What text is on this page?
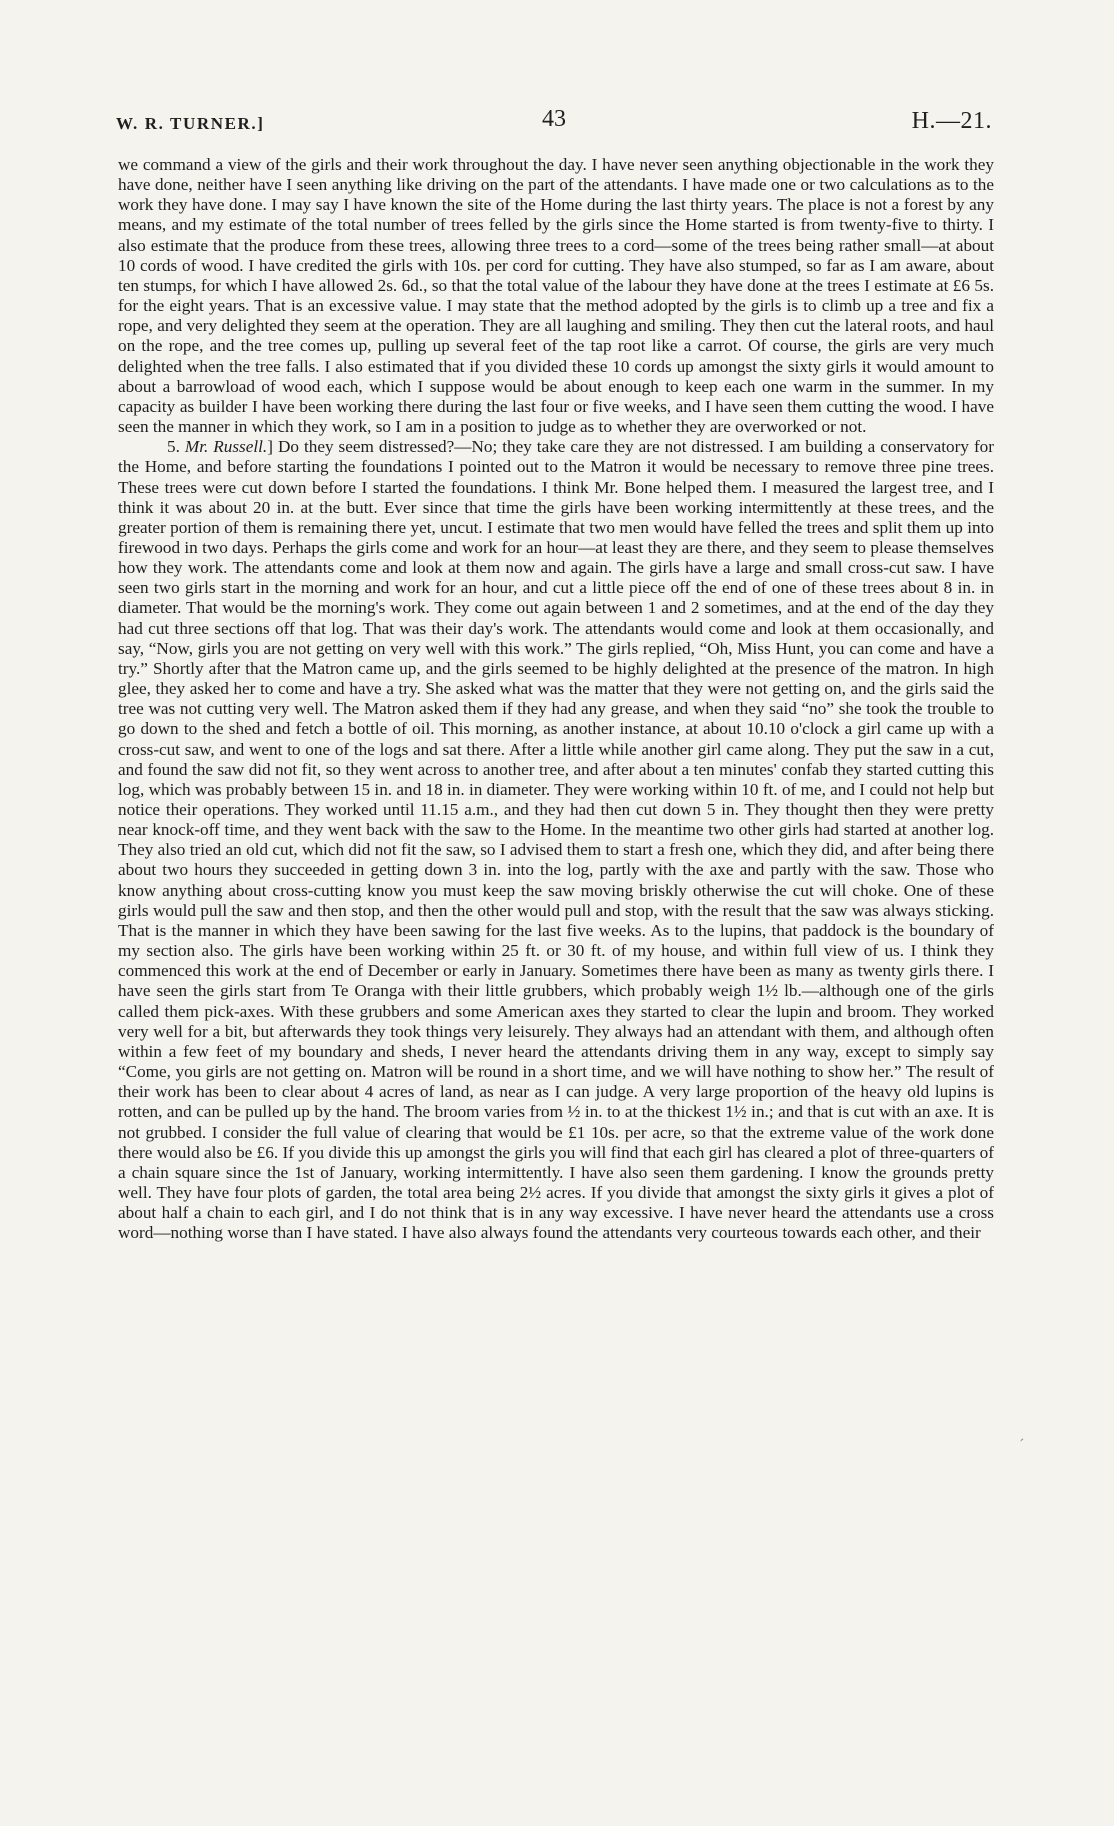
W. R. TURNER.]	43	H.—21.

we command a view of the girls and their work throughout the day. I have never seen anything objectionable in the work they have done, neither have I seen anything like driving on the part of the attendants. I have made one or two calculations as to the work they have done. I may say I have known the site of the Home during the last thirty years. The place is not a forest by any means, and my estimate of the total number of trees felled by the girls since the Home started is from twenty-five to thirty. I also estimate that the produce from these trees, allowing three trees to a cord—some of the trees being rather small—at about 10 cords of wood. I have credited the girls with 10s. per cord for cutting. They have also stumped, so far as I am aware, about ten stumps, for which I have allowed 2s. 6d., so that the total value of the labour they have done at the trees I estimate at £6 5s. for the eight years. That is an excessive value. I may state that the method adopted by the girls is to climb up a tree and fix a rope, and very delighted they seem at the operation. They are all laughing and smiling. They then cut the lateral roots, and haul on the rope, and the tree comes up, pulling up several feet of the tap root like a carrot. Of course, the girls are very much delighted when the tree falls. I also estimated that if you divided these 10 cords up amongst the sixty girls it would amount to about a barrowload of wood each, which I suppose would be about enough to keep each one warm in the summer. In my capacity as builder I have been working there during the last four or five weeks, and I have seen them cutting the wood. I have seen the manner in which they work, so I am in a position to judge as to whether they are overworked or not.

5. Mr. Russell.] Do they seem distressed?—No; they take care they are not distressed. I am building a conservatory for the Home, and before starting the foundations I pointed out to the Matron it would be necessary to remove three pine trees. These trees were cut down before I started the foundations. I think Mr. Bone helped them. I measured the largest tree, and I think it was about 20 in. at the butt. Ever since that time the girls have been working intermittently at these trees, and the greater portion of them is remaining there yet, uncut. I estimate that two men would have felled the trees and split them up into firewood in two days. Perhaps the girls come and work for an hour—at least they are there, and they seem to please themselves how they work. The attendants come and look at them now and again. The girls have a large and small cross-cut saw. I have seen two girls start in the morning and work for an hour, and cut a little piece off the end of one of these trees about 8 in. in diameter. That would be the morning's work. They come out again between 1 and 2 sometimes, and at the end of the day they had cut three sections off that log. That was their day's work. The attendants would come and look at them occasionally, and say, “Now, girls you are not getting on very well with this work.” The girls replied, “Oh, Miss Hunt, you can come and have a try.” Shortly after that the Matron came up, and the girls seemed to be highly delighted at the presence of the matron. In high glee, they asked her to come and have a try. She asked what was the matter that they were not getting on, and the girls said the tree was not cutting very well. The Matron asked them if they had any grease, and when they said “no” she took the trouble to go down to the shed and fetch a bottle of oil. This morning, as another instance, at about 10.10 o'clock a girl came up with a cross-cut saw, and went to one of the logs and sat there. After a little while another girl came along. They put the saw in a cut, and found the saw did not fit, so they went across to another tree, and after about a ten minutes' confab they started cutting this log, which was probably between 15 in. and 18 in. in diameter. They were working within 10 ft. of me, and I could not help but notice their operations. They worked until 11.15 a.m., and they had then cut down 5 in. They thought then they were pretty near knock-off time, and they went back with the saw to the Home. In the meantime two other girls had started at another log. They also tried an old cut, which did not fit the saw, so I advised them to start a fresh one, which they did, and after being there about two hours they succeeded in getting down 3 in. into the log, partly with the axe and partly with the saw. Those who know anything about cross-cutting know you must keep the saw moving briskly otherwise the cut will choke. One of these girls would pull the saw and then stop, and then the other would pull and stop, with the result that the saw was always sticking. That is the manner in which they have been sawing for the last five weeks. As to the lupins, that paddock is the boundary of my section also. The girls have been working within 25 ft. or 30 ft. of my house, and within full view of us. I think they commenced this work at the end of December or early in January. Sometimes there have been as many as twenty girls there. I have seen the girls start from Te Oranga with their little grubbers, which probably weigh 1½ lb.—although one of the girls called them pick-axes. With these grubbers and some American axes they started to clear the lupin and broom. They worked very well for a bit, but afterwards they took things very leisurely. They always had an attendant with them, and although often within a few feet of my boundary and sheds, I never heard the attendants driving them in any way, except to simply say “Come, you girls are not getting on. Matron will be round in a short time, and we will have nothing to show her.” The result of their work has been to clear about 4 acres of land, as near as I can judge. A very large proportion of the heavy old lupins is rotten, and can be pulled up by the hand. The broom varies from ½ in. to at the thickest 1½ in.; and that is cut with an axe. It is not grubbed. I consider the full value of clearing that would be £1 10s. per acre, so that the extreme value of the work done there would also be £6. If you divide this up amongst the girls you will find that each girl has cleared a plot of three-quarters of a chain square since the 1st of January, working intermittently. I have also seen them gardening. I know the grounds pretty well. They have four plots of garden, the total area being 2½ acres. If you divide that amongst the sixty girls it gives a plot of about half a chain to each girl, and I do not think that is in any way excessive. I have never heard the attendants use a cross word—nothing worse than I have stated. I have also always found the attendants very courteous towards each other, and their

′
